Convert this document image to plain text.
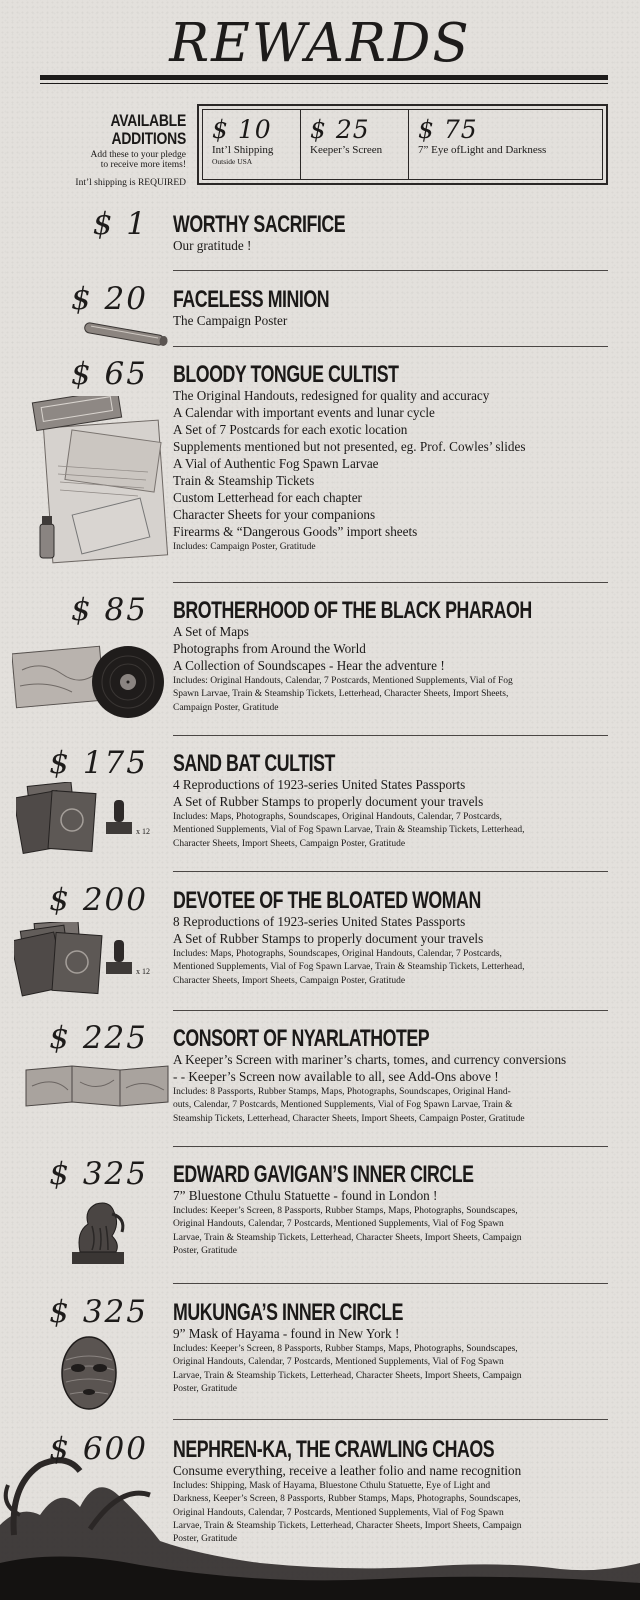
REWARDS
AVAILABLE ADDITIONS
Add these to your pledge
to receive more items!
Int’l shipping is REQUIRED
$ 10
Int’l Shipping
Outside USA
$ 25
Keeper’s Screen
$ 75
7” Eye ofLight and Darkness
$ 1 WORTHY SACRIFICE
Our gratitude !
$ 20 FACELESS MINION
The Campaign Poster
$ 65 BLOODY TONGUE CULTIST
The Original Handouts, redesigned for quality and accuracy
A Calendar with important events and lunar cycle
A Set of 7 Postcards for each exotic location
Supplements mentioned but not presented, eg. Prof. Cowles’ slides
A Vial of Authentic Fog Spawn Larvae
Train & Steamship Tickets
Custom Letterhead for each chapter
Character Sheets for your companions
Firearms & “Dangerous Goods” import sheets
Includes: Campaign Poster, Gratitude
$ 85 BROTHERHOOD OF THE BLACK PHARAOH
A Set of Maps
Photographs from Around the World
A Collection of Soundscapes - Hear the adventure !
Includes: Original Handouts, Calendar, 7 Postcards, Mentioned Supplements, Vial of Fog
Spawn Larvae, Train & Steamship Tickets, Letterhead, Character Sheets, Import Sheets,
Campaign Poster, Gratitude
$ 175 SAND BAT CULTIST
4 Reproductions of 1923-series United States Passports
A Set of Rubber Stamps to properly document your travels
Includes: Maps, Photographs, Soundscapes, Original Handouts, Calendar, 7 Postcards,
Mentioned Supplements, Vial of Fog Spawn Larvae, Train & Steamship Tickets, Letterhead,
Character Sheets, Import Sheets, Campaign Poster, Gratitude
x 12
$ 200 DEVOTEE OF THE BLOATED WOMAN
8 Reproductions of 1923-series United States Passports
A Set of Rubber Stamps to properly document your travels
Includes: Maps, Photographs, Soundscapes, Original Handouts, Calendar, 7 Postcards,
Mentioned Supplements, Vial of Fog Spawn Larvae, Train & Steamship Tickets, Letterhead,
Character Sheets, Import Sheets, Campaign Poster, Gratitude
x 12
$ 225 CONSORT OF NYARLATHOTEP
A Keeper’s Screen with mariner’s charts, tomes, and currency conversions
- - Keeper’s Screen now available to all, see Add-Ons above !
Includes: 8 Passports, Rubber Stamps, Maps, Photographs, Soundscapes, Original Hand-
outs, Calendar, 7 Postcards, Mentioned Supplements, Vial of Fog Spawn Larvae, Train &
Steamship Tickets, Letterhead, Character Sheets, Import Sheets, Campaign Poster, Gratitude
$ 325 EDWARD GAVIGAN’S INNER CIRCLE
7” Bluestone Cthulu Statuette - found in London !
Includes: Keeper’s Screen, 8 Passports, Rubber Stamps, Maps, Photographs, Soundscapes,
Original Handouts, Calendar, 7 Postcards, Mentioned Supplements, Vial of Fog Spawn
Larvae, Train & Steamship Tickets, Letterhead, Character Sheets, Import Sheets, Campaign
Poster, Gratitude
$ 325 MUKUNGA’S INNER CIRCLE
9” Mask of Hayama - found in New York !
Includes: Keeper’s Screen, 8 Passports, Rubber Stamps, Maps, Photographs, Soundscapes,
Original Handouts, Calendar, 7 Postcards, Mentioned Supplements, Vial of Fog Spawn
Larvae, Train & Steamship Tickets, Letterhead, Character Sheets, Import Sheets, Campaign
Poster, Gratitude
$ 600 NEPHREN-KA, THE CRAWLING CHAOS
Consume everything, receive a leather folio and name recognition
Includes: Shipping, Mask of Hayama, Bluestone Cthulu Statuette, Eye of Light and
Darkness, Keeper’s Screen, 8 Passports, Rubber Stamps, Maps, Photographs, Soundscapes,
Original Handouts, Calendar, 7 Postcards, Mentioned Supplements, Vial of Fog Spawn
Larvae, Train & Steamship Tickets, Letterhead, Character Sheets, Import Sheets, Campaign
Poster, Gratitude
